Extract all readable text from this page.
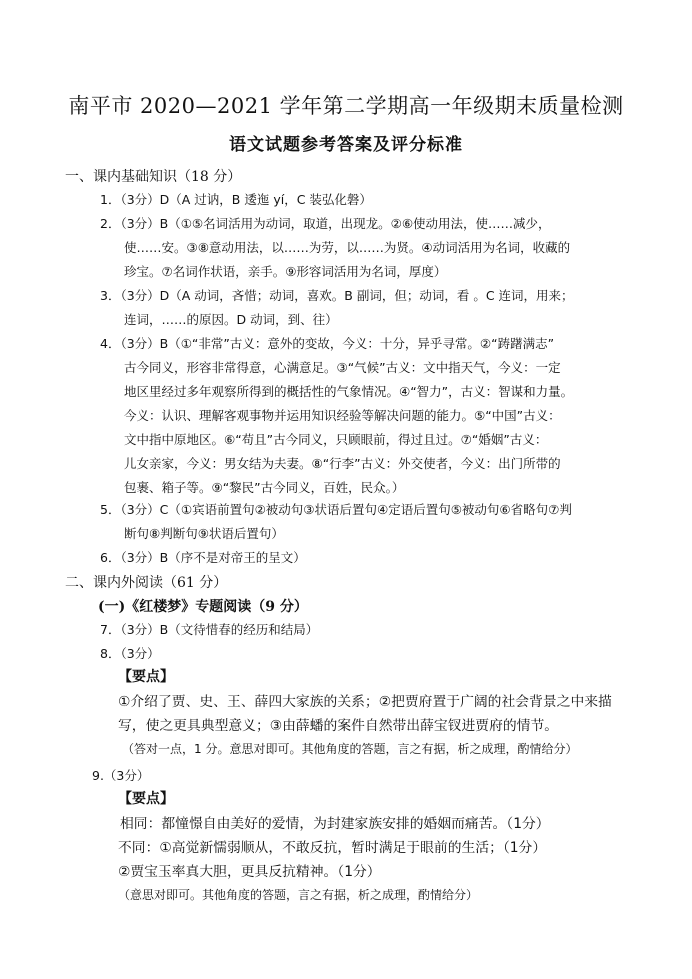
南平市 2020—2021 学年第二学期高一年级期末质量检测
语文试题参考答案及评分标准
一、课内基础知识（18 分）
1．（3分）D（A 过讷，B 逶迤 yí，C 装弘化磐）
2．（3分）B（①⑤名词活用为动词，取道，出现龙。②⑥使动用法，使……减少，
使……安。③⑧意动用法，以……为劳，以……为贤。④动词活用为名词，收藏的
珍宝。⑦名词作状语，亲手。⑨形容词活用为名词，厚度）
3．（3分）D（A 动词，吝惜；动词，喜欢。B 副词，但；动词，看 。C 连词，用来；
连词，……的原因。D 动词，到、往）
4．（3分）B（①“非常”古义：意外的变故，今义：十分，异乎寻常。②“踌躇满志”
古今同义，形容非常得意，心满意足。③“气候”古义：文中指天气，今义：一定
地区里经过多年观察所得到的概括性的气象情况。④“智力”，古义：智谋和力量。
今义：认识、理解客观事物并运用知识经验等解决问题的能力。⑤“中国”古义：
文中指中原地区。⑥“苟且”古今同义，只顾眼前，得过且过。⑦“婚姻”古义：
儿女亲家，今义：男女结为夫妻。⑧“行李”古义：外交使者，今义：出门所带的
包裹、箱子等。⑨“黎民”古今同义，百姓，民众。）
5．（3分）C（①宾语前置句②被动句③状语后置句④定语后置句⑤被动句⑥省略句⑦判
断句⑧判断句⑨状语后置句）
6．（3分）B（序不是对帝王的呈文）
二、课内外阅读（61 分）
(一)《红楼梦》专题阅读（9 分）
7．（3分）B（文待惜春的经历和结局）
8．（3分）
【要点】
①介绍了贾、史、王、薛四大家族的关系；②把贾府置于广阔的社会背景之中来描
写，使之更具典型意义；③由薛蟠的案件自然带出薛宝钗进贾府的情节。
（答对一点，1 分。意思对即可。其他角度的答题，言之有据，析之成理，酌情给分）
9.（3分）
【要点】
相同：都憧憬自由美好的爱情，为封建家族安排的婚姻而痛苦。（1分）
不同：①高觉新懦弱顺从，不敢反抗，暂时满足于眼前的生活；（1分）
②贾宝玉率真大胆，更具反抗精神。（1分）
（意思对即可。其他角度的答题，言之有据，析之成理，酌情给分）
